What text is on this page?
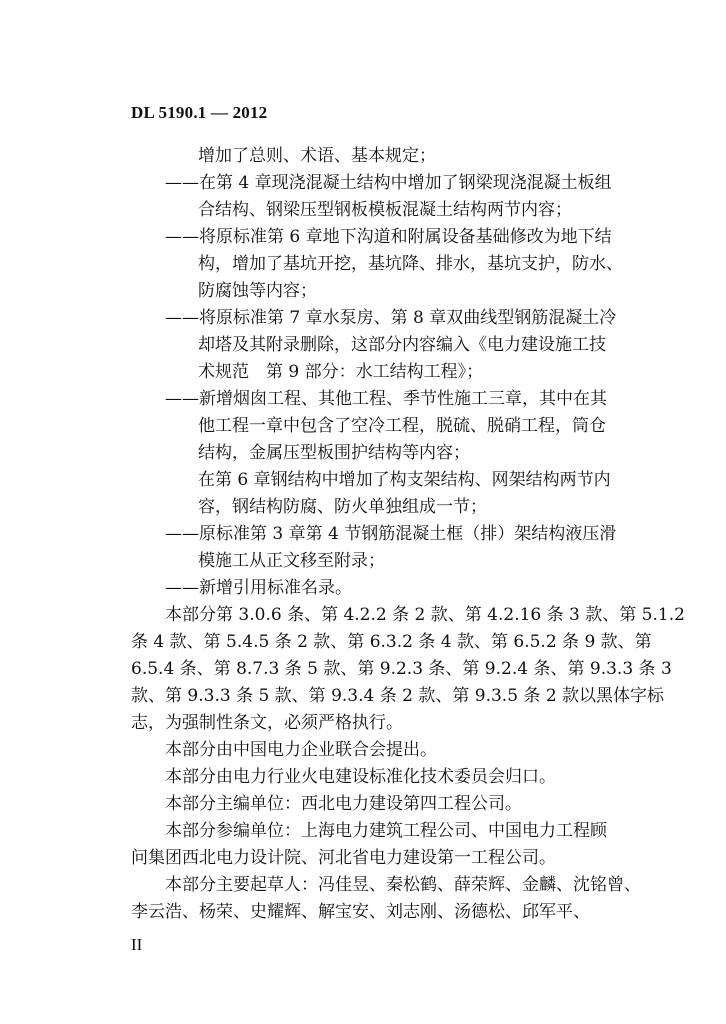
DL 5190.1 — 2012
增加了总则、术语、基本规定；
——在第 4 章现浇混凝土结构中增加了钢梁现浇混凝土板组
合结构、钢梁压型钢板模板混凝土结构两节内容；
——将原标准第 6 章地下沟道和附属设备基础修改为地下结
构，增加了基坑开挖，基坑降、排水，基坑支护，防水、
防腐蚀等内容；
——将原标准第 7 章水泵房、第 8 章双曲线型钢筋混凝土冷
却塔及其附录删除，这部分内容编入《电力建设施工技
术规范　第 9 部分：水工结构工程》；
——新增烟囱工程、其他工程、季节性施工三章，其中在其
他工程一章中包含了空冷工程，脱硫、脱硝工程，筒仓
结构，金属压型板围护结构等内容；
在第 6 章钢结构中增加了构支架结构、网架结构两节内
容，钢结构防腐、防火单独组成一节；
——原标准第 3 章第 4 节钢筋混凝土框（排）架结构液压滑
模施工从正文移至附录；
——新增引用标准名录。
本部分第 3.0.6 条、第 4.2.2 条 2 款、第 4.2.16 条 3 款、第 5.1.2
条 4 款、第 5.4.5 条 2 款、第 6.3.2 条 4 款、第 6.5.2 条 9 款、第
6.5.4 条、第 8.7.3 条 5 款、第 9.2.3 条、第 9.2.4 条、第 9.3.3 条 3
款、第 9.3.3 条 5 款、第 9.3.4 条 2 款、第 9.3.5 条 2 款以黑体字标
志，为强制性条文，必须严格执行。
本部分由中国电力企业联合会提出。
本部分由电力行业火电建设标准化技术委员会归口。
本部分主编单位：西北电力建设第四工程公司。
本部分参编单位：上海电力建筑工程公司、中国电力工程顾
问集团西北电力设计院、河北省电力建设第一工程公司。
本部分主要起草人：冯佳昱、秦松鹤、薛荣辉、金麟、沈铭曾、
李云浩、杨荣、史耀辉、解宝安、刘志刚、汤德松、邱军平、
II
